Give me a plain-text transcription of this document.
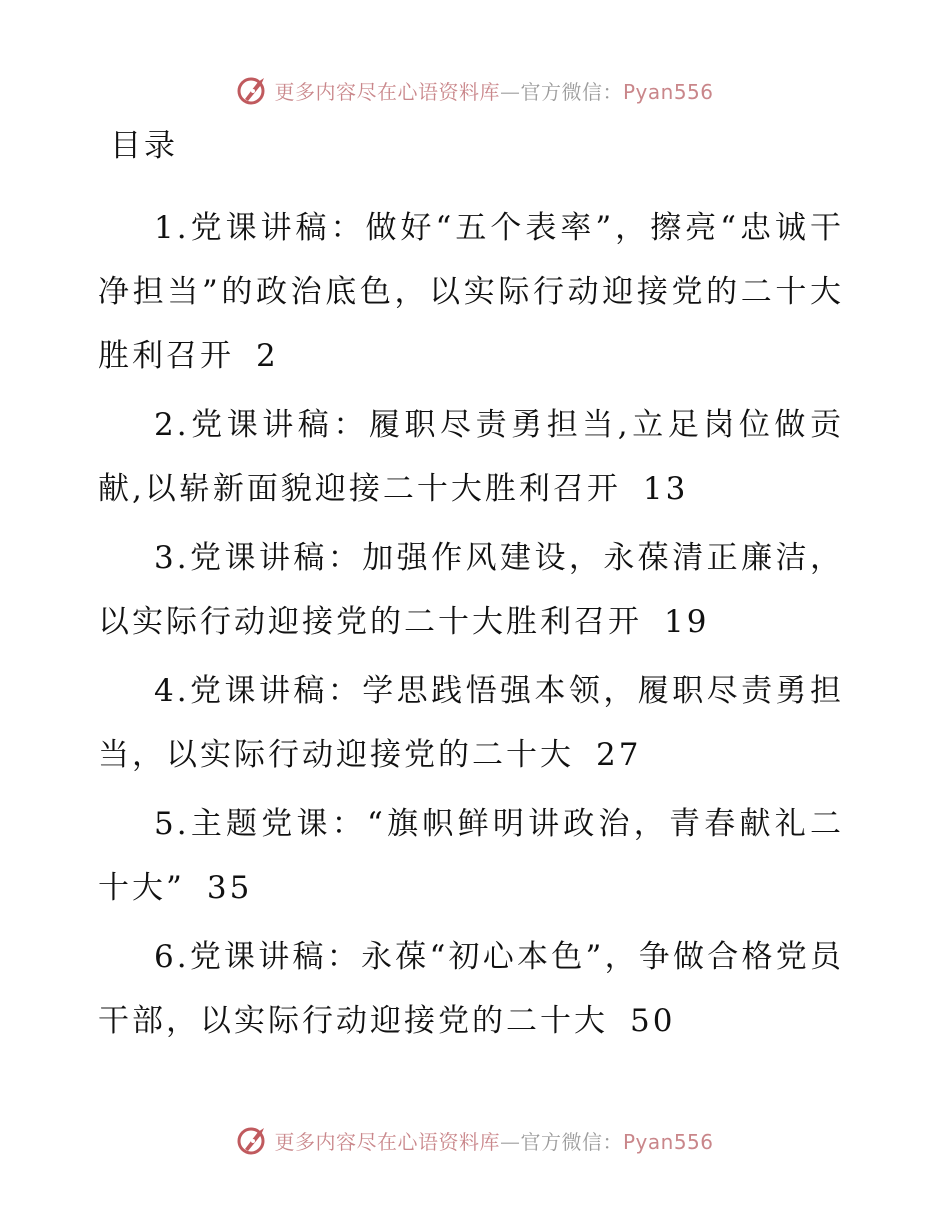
更多内容尽在心语资料库—官方微信：Pyan556
目录

1.党课讲稿：做好“五个表率”，擦亮“忠诚干净担当”的政治底色，以实际行动迎接党的二十大胜利召开 2

2.党课讲稿：履职尽责勇担当,立足岗位做贡献,以崭新面貌迎接二十大胜利召开 13

3.党课讲稿：加强作风建设，永葆清正廉洁，以实际行动迎接党的二十大胜利召开 19

4.党课讲稿：学思践悟强本领，履职尽责勇担当，以实际行动迎接党的二十大 27

5.主题党课：“旗帜鲜明讲政治，青春献礼二十大” 35

6.党课讲稿：永葆“初心本色”，争做合格党员干部，以实际行动迎接党的二十大 50

更多内容尽在心语资料库—官方微信：Pyan556
